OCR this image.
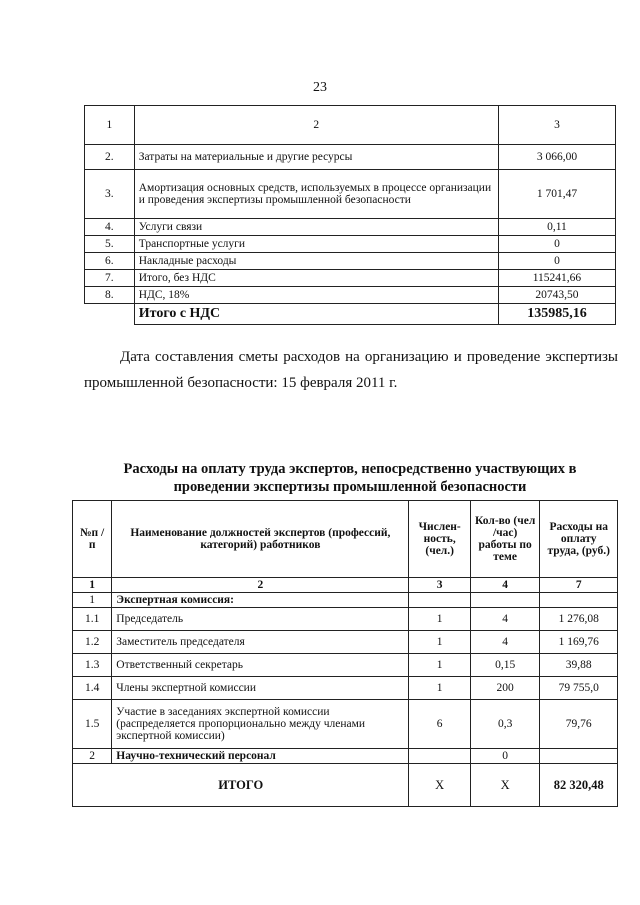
23
1	2	3
2.	Затраты на материальные и другие ресурсы	3 066,00
3.	Амортизация основных средств, используемых в процессе организации и проведения экспертизы промышленной безопасности	1 701,47
4.	Услуги связи	0,11
5.	Транспортные услуги	0
6.	Накладные расходы	0
7.	Итого, без НДС	115241,66
8.	НДС, 18%	20743,50
	Итого с НДС	135985,16
Дата составления сметы расходов на организацию и проведение экспертизы промышленной безопасности: 15 февраля 2011 г.
Расходы на оплату труда экспертов, непосредственно участвующих в
проведении экспертизы промышленной безопасности
№п /п	Наименование должностей экспертов (профессий, категорий) работников	Числен- ность, (чел.)	Кол-во (чел /час) работы по теме	Расходы на оплату труда, (руб.)
1	2	3	4	7
1	Экспертная комиссия:			
1.1	Председатель	1	4	1 276,08
1.2	Заместитель председателя	1	4	1 169,76
1.3	Ответственный секретарь	1	0,15	39,88
1.4	Члены экспертной комиссии	1	200	79 755,0
1.5	Участие в заседаниях экспертной комиссии (распределяется пропорционально между членами экспертной комиссии)	6	0,3	79,76
2	Научно-технический персонал		0	
ИТОГО		Х	Х	82 320,48
